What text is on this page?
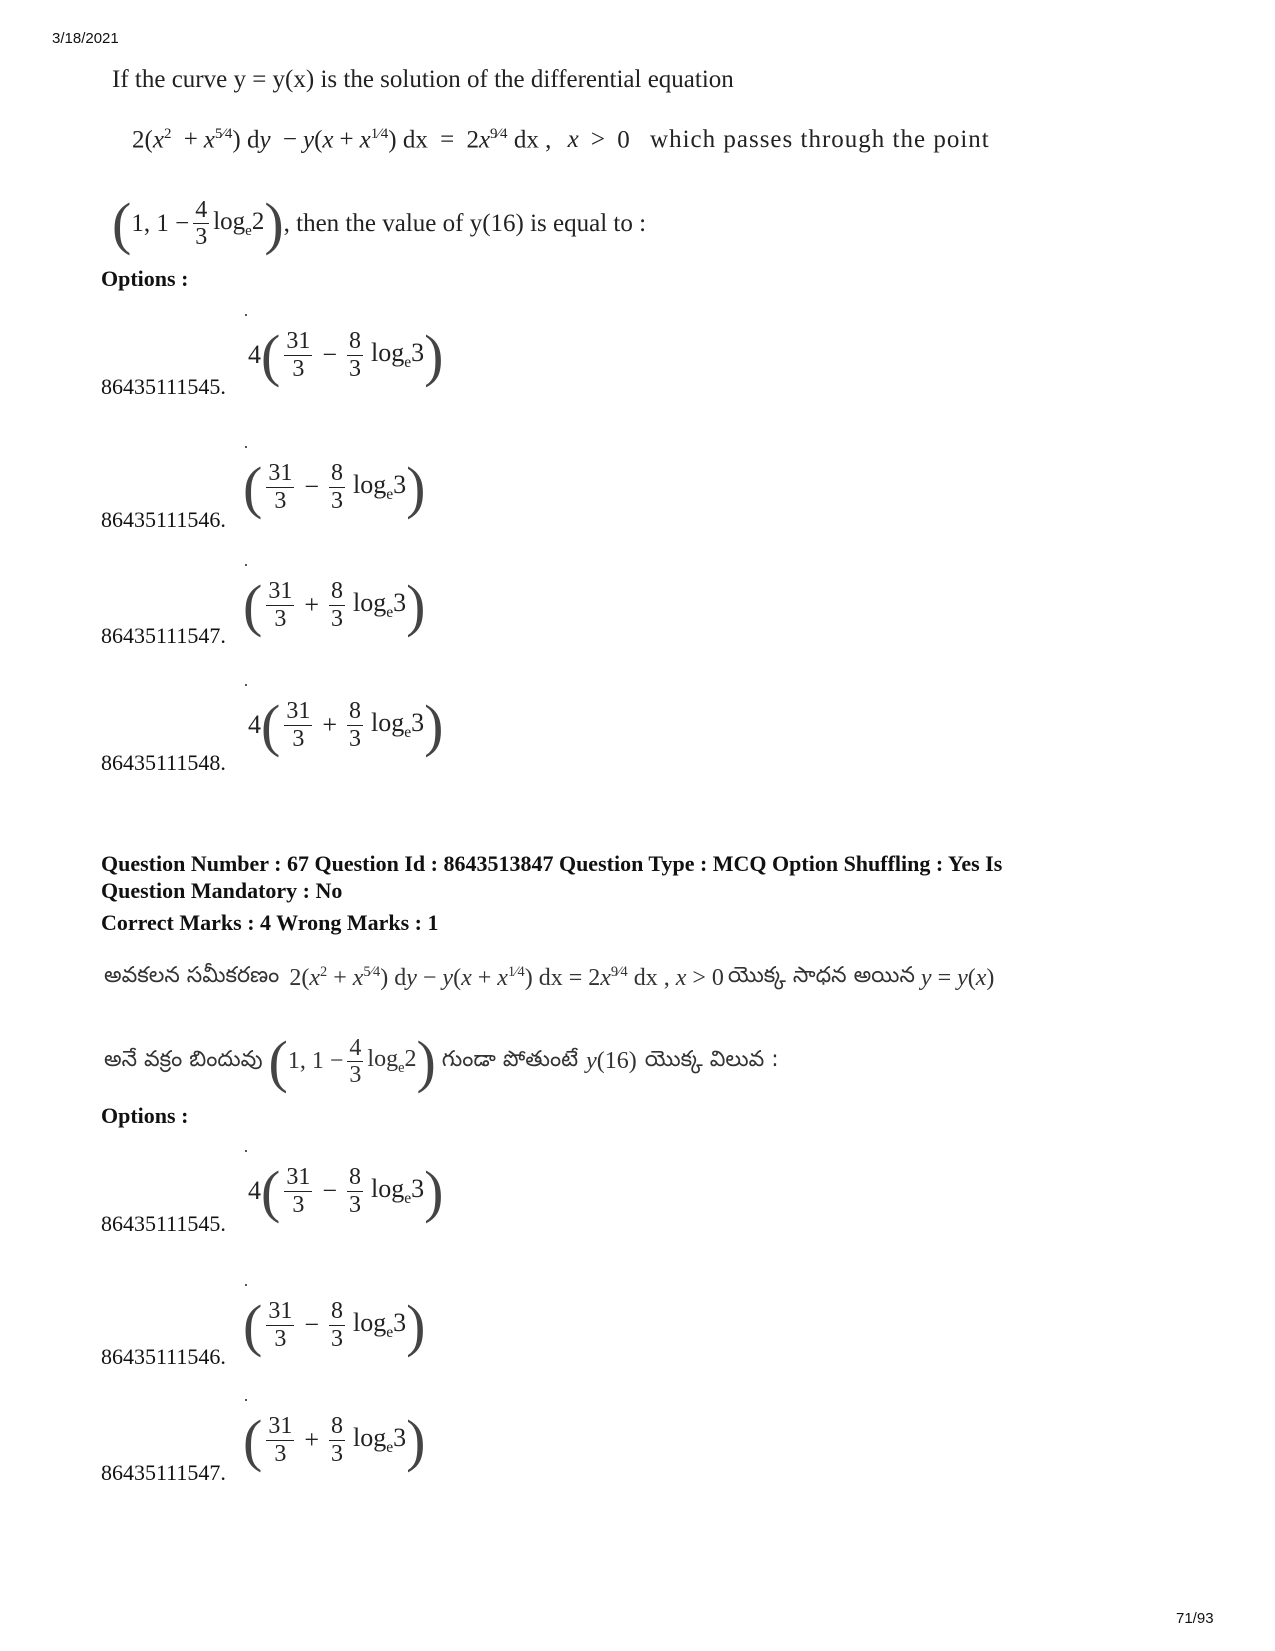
3/18/2021
If the curve y = y(x) is the solution of the differential equation
$2(x^2 + x^{5⁄4})$ dy − $y(x + x^{1⁄4})$ dx = $2x^{9⁄4}$ dx , x > 0 which passes through the point
( 1, $1 - \frac{4}{3} \log_e2$ ) , then the value of y(16) is equal to :
Options :
86435111545.
4 ( $\frac{31}{3} - \frac{8}{3} \log_e3$ )
86435111546. ( $\frac{31}{3} - \frac{8}{3} \log_e3$ )
86435111547. ( $\frac{31}{3} + \frac{8}{3} \log_e3$ )
86435111548.
4 ( $\frac{31}{3} + \frac{8}{3} \log_e3$ )
Question Number : 67 Question Id : 8643513847 Question Type : MCQ Option Shuffling : Yes Is
Question Mandatory : No
Correct Marks : 4 Wrong Marks : 1
అవకలన సమీకరణం $2(x^2 + x^{5⁄4})$ dy − $y(x + x^{1⁄4})$ dx = $2x^{9⁄4}$ dx , x > 0 యొక్క సాధన అయిన y = y(x)
అనే వక్రం బిందువు ( 1, $1 - \frac{4}{3} \log_e2$ ) గుండా పోతుంటే y(16) యొక్క విలువ :
Options :
86435111545.
4 ( $\frac{31}{3} - \frac{8}{3} \log_e3$ )
86435111546. ( $\frac{31}{3} - \frac{8}{3} \log_e3$ )
86435111547. ( $\frac{31}{3} + \frac{8}{3} \log_e3$ )
71/93
